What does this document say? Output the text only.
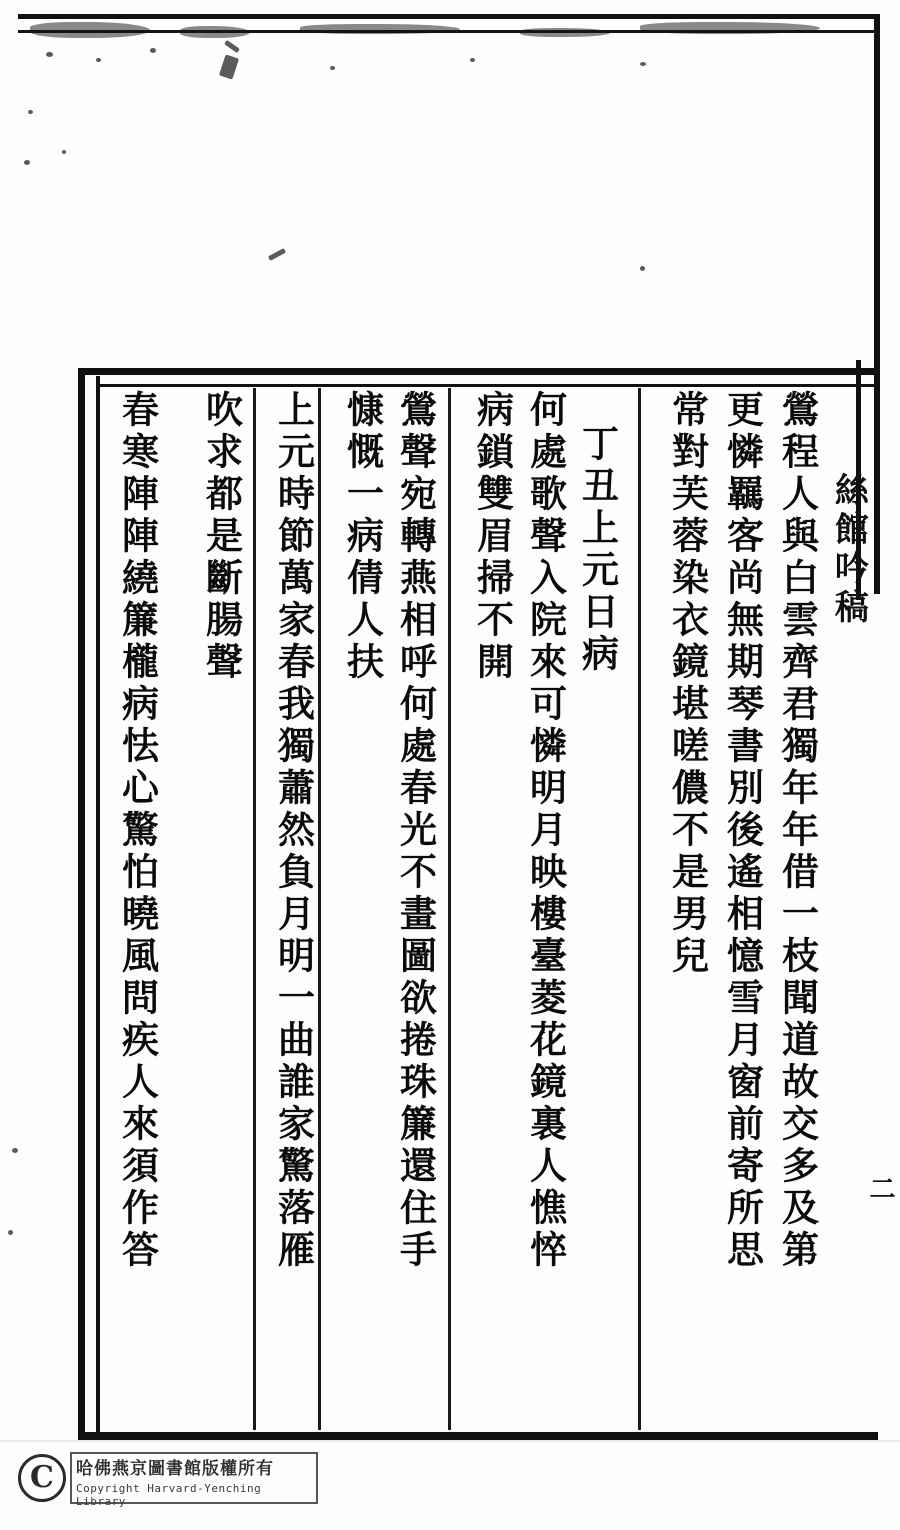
絲館吟稿
鶯程人與白雲齊君獨年年借一枝聞道故交多及第
更憐羈客尚無期琴書別後遙相憶雪月窗前寄所思
常對芙蓉染衣鏡堪嗟儂不是男兒
丁丑上元日病
何處歌聲入院來可憐明月映樓臺菱花鏡裏人憔悴
病鎖雙眉掃不開
鶯聲宛轉燕相呼何處春光不畫圖欲捲珠簾還住手
慷慨一病倩人扶
上元時節萬家春我獨蕭然負月明一曲誰家驚落雁
吹求都是斷腸聲
春寒陣陣繞簾櫳病怯心驚怕曉風問疾人來須作答	二
C	哈佛燕京圖書館版權所有
Copyright Harvard-Yenching Library
